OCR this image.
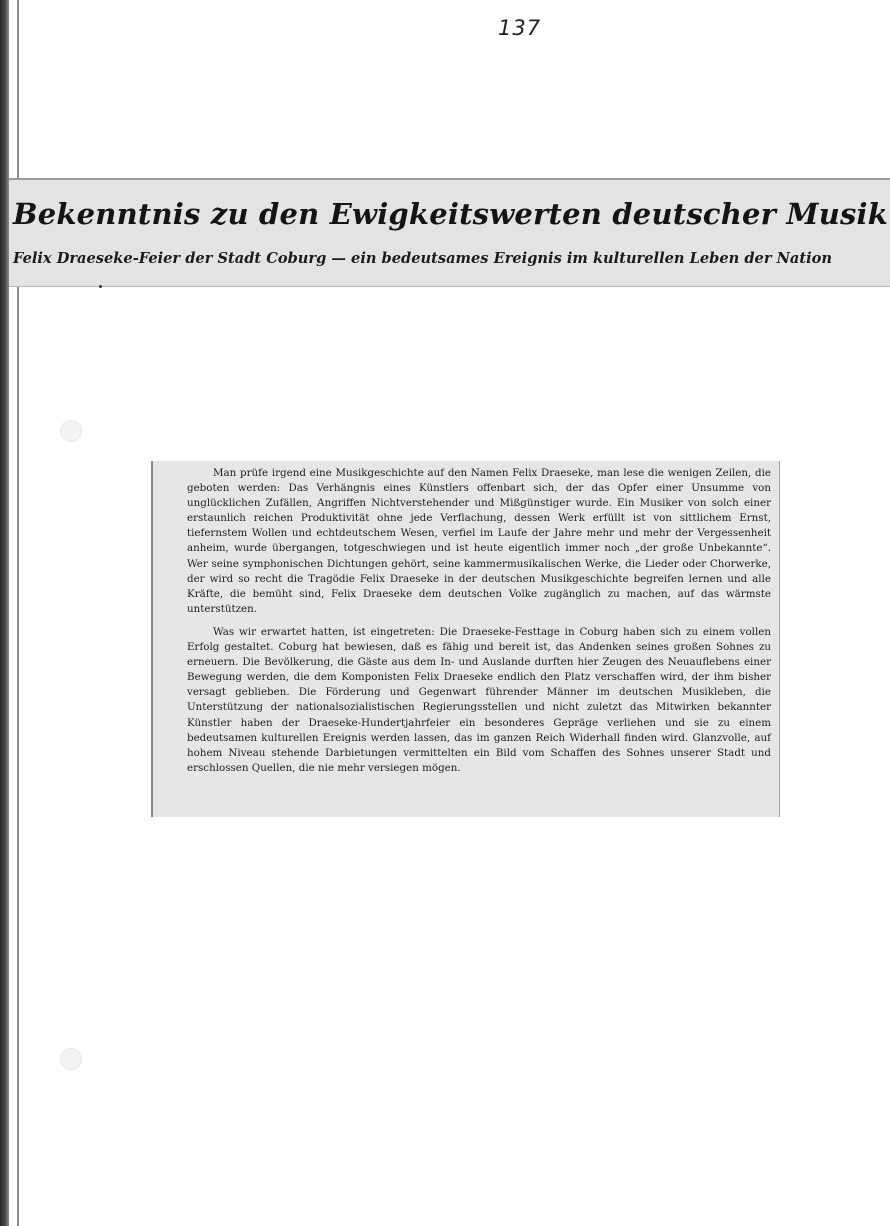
137
Bekenntnis zu den Ewigkeitswerten deutscher Musik
Felix Draeseke-Feier der Stadt Coburg — ein bedeutsames Ereignis im kulturellen Leben der Nation

Man prüfe irgend eine Musikgeschichte auf den Namen Felix Draeseke, man lese die wenigen Zeilen, die geboten werden: Das Verhängnis eines Künstlers offenbart sich, der das Opfer einer Unsumme von unglücklichen Zufällen, Angriffen Nichtverstehender und Mißgünstiger wurde. Ein Musiker von solch einer erstaunlich reichen Produktivität ohne jede Verflachung, dessen Werk erfüllt ist von sittlichem Ernst, tiefernstem Wollen und echtdeutschem Wesen, verfiel im Laufe der Jahre mehr und mehr der Vergessenheit anheim, wurde übergangen, totgeschwiegen und ist heute eigentlich immer noch „der große Unbekannte“. Wer seine symphonischen Dichtungen gehört, seine kammermusikalischen Werke, die Lieder oder Chorwerke, der wird so recht die Tragödie Felix Draeseke in der deutschen Musikgeschichte begreifen lernen und alle Kräfte, die bemüht sind, Felix Draeseke dem deutschen Volke zugänglich zu machen, auf das wärmste unterstützen.

Was wir erwartet hatten, ist eingetreten: Die Draeseke-Festtage in Coburg haben sich zu einem vollen Erfolg gestaltet. Coburg hat bewiesen, daß es fähig und bereit ist, das Andenken seines großen Sohnes zu erneuern. Die Bevölkerung, die Gäste aus dem In- und Auslande durften hier Zeugen des Neuauflebens einer Bewegung werden, die dem Komponisten Felix Draeseke endlich den Platz verschaffen wird, der ihm bisher versagt geblieben. Die Förderung und Gegenwart führender Männer im deutschen Musikleben, die Unterstützung der nationalsozialistischen Regierungsstellen und nicht zuletzt das Mitwirken bekannter Künstler haben der Draeseke-Hundertjahrfeier ein besonderes Gepräge verliehen und sie zu einem bedeutsamen kulturellen Ereignis werden lassen, das im ganzen Reich Widerhall finden wird. Glanzvolle, auf hohem Niveau stehende Darbietungen vermittelten ein Bild vom Schaffen des Sohnes unserer Stadt und erschlossen Quellen, die nie mehr versiegen mögen.
